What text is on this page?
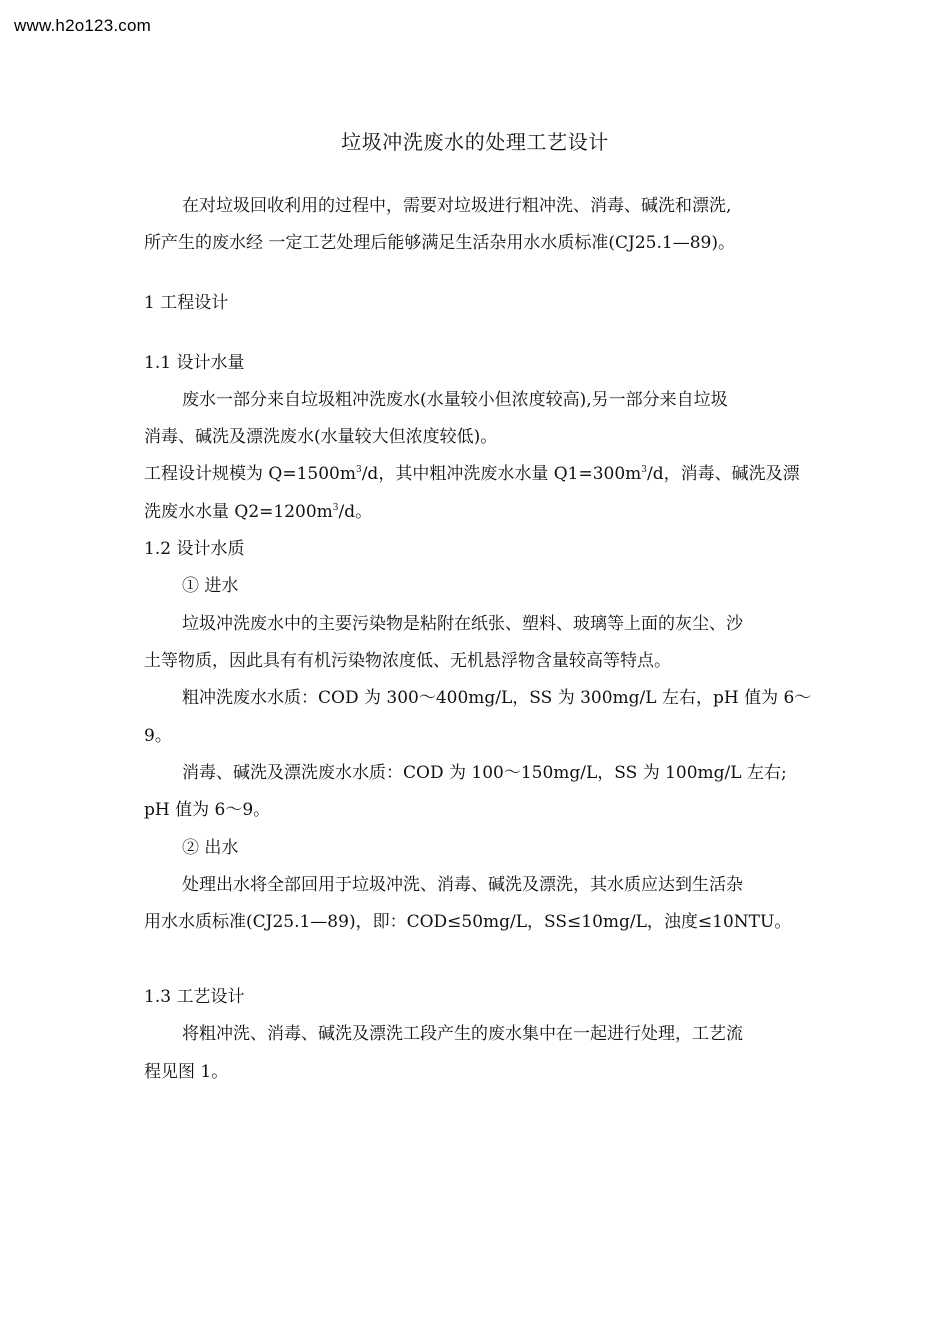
www.h2o123.com
垃圾冲洗废水的处理工艺设计
在对垃圾回收利用的过程中，需要对垃圾进行粗冲洗、消毒、碱洗和漂洗,
所产生的废水经 一定工艺处理后能够满足生活杂用水水质标准(CJ25.1—89)。
1 工程设计
1.1 设计水量
废水一部分来自垃圾粗冲洗废水(水量较小但浓度较高),另一部分来自垃圾
消毒、碱洗及漂洗废水(水量较大但浓度较低)。
工程设计规模为 $Q=1500m^3/d$，其中粗冲洗废水水量 $Q1=300m^3/d$，消毒、碱洗及漂
洗废水水量 $Q2=1200m^3/d$。
1.2 设计水质
① 进水
垃圾冲洗废水中的主要污染物是粘附在纸张、塑料、玻璃等上面的灰尘、沙
土等物质，因此具有有机污染物浓度低、无机悬浮物含量较高等特点。
粗冲洗废水水质：COD 为 300～400mg/L，SS 为 300mg/L 左右，pH 值为 6～
9。
消毒、碱洗及漂洗废水水质：COD 为 100～150mg/L，SS 为 100mg/L 左右;
pH 值为 6～9。
② 出水
处理出水将全部回用于垃圾冲洗、消毒、碱洗及漂洗，其水质应达到生活杂
用水水质标准(CJ25.1—89)，即：COD≤50mg/L，SS≤10mg/L，浊度≤10NTU。
1.3 工艺设计
将粗冲洗、消毒、碱洗及漂洗工段产生的废水集中在一起进行处理，工艺流
程见图 1。
